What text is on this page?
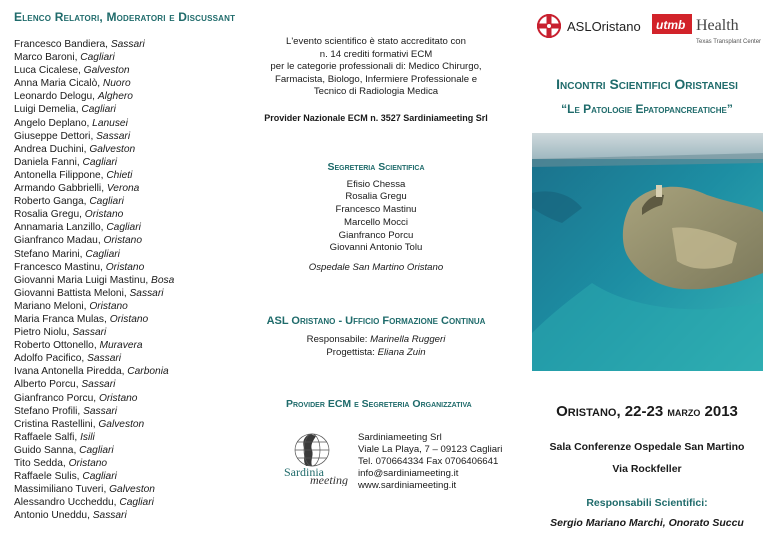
Elenco Relatori, Moderatori e Discussant
Francesco Bandiera, Sassari
Marco Baroni, Cagliari
Luca Cicalese, Galveston
Anna Maria Cicalò, Nuoro
Leonardo Delogu, Alghero
Luigi Demelia, Cagliari
Angelo Deplano, Lanusei
Giuseppe Dettori, Sassari
Andrea Duchini, Galveston
Daniela Fanni, Cagliari
Antonella Filippone, Chieti
Armando Gabbrielli, Verona
Roberto Ganga, Cagliari
Rosalia Gregu, Oristano
Annamaria Lanzillo, Cagliari
Gianfranco Madau, Oristano
Stefano Marini, Cagliari
Francesco Mastinu, Oristano
Giovanni Maria Luigi Mastinu, Bosa
Giovanni Battista Meloni, Sassari
Mariano Meloni, Oristano
Maria Franca Mulas, Oristano
Pietro Niolu, Sassari
Roberto Ottonello, Muravera
Adolfo Pacifico, Sassari
Ivana Antonella Piredda, Carbonia
Alberto Porcu, Sassari
Gianfranco Porcu, Oristano
Stefano Profili, Sassari
Cristina Rastellini, Galveston
Raffaele Salfi, Isili
Guido Sanna, Cagliari
Tito Sedda, Oristano
Raffaele Sulis, Cagliari
Massimiliano Tuveri, Galveston
Alessandro Uccheddu, Cagliari
Antonio Uneddu, Sassari
L'evento scientifico è stato accreditato con
n. 14 crediti formativi ECM
per le categorie professionali di: Medico Chirurgo,
Farmacista, Biologo, Infermiere Professionale e
Tecnico di Radiologia Medica
Provider Nazionale ECM n. 3527 Sardiniameeting Srl
Segreteria Scientifica
Efisio Chessa
Rosalia Gregu
Francesco Mastinu
Marcello Mocci
Gianfranco Porcu
Giovanni Antonio Tolu
Ospedale San Martino Oristano
ASL Oristano - Ufficio Formazione Continua
Responsabile: Marinella Ruggeri
Progettista: Eliana Zuin
Provider ECM e Segreteria Organizzativa
Sardinia
meeting
Sardiniameeting Srl
Viale La Playa, 7 – 09123 Cagliari
Tel. 070664334 Fax 0706406641
info@sardiniameeting.it
www.sardiniameeting.it
ASLOristano utmb Health
Texas Transplant Center
Incontri Scientifici Oristanesi
“Le Patologie Epatopancreatiche”
Oristano, 22-23 marzo 2013
Sala Conferenze Ospedale San Martino
Via Rockfeller
Responsabili Scientifici:
Sergio Mariano Marchi, Onorato Succu
